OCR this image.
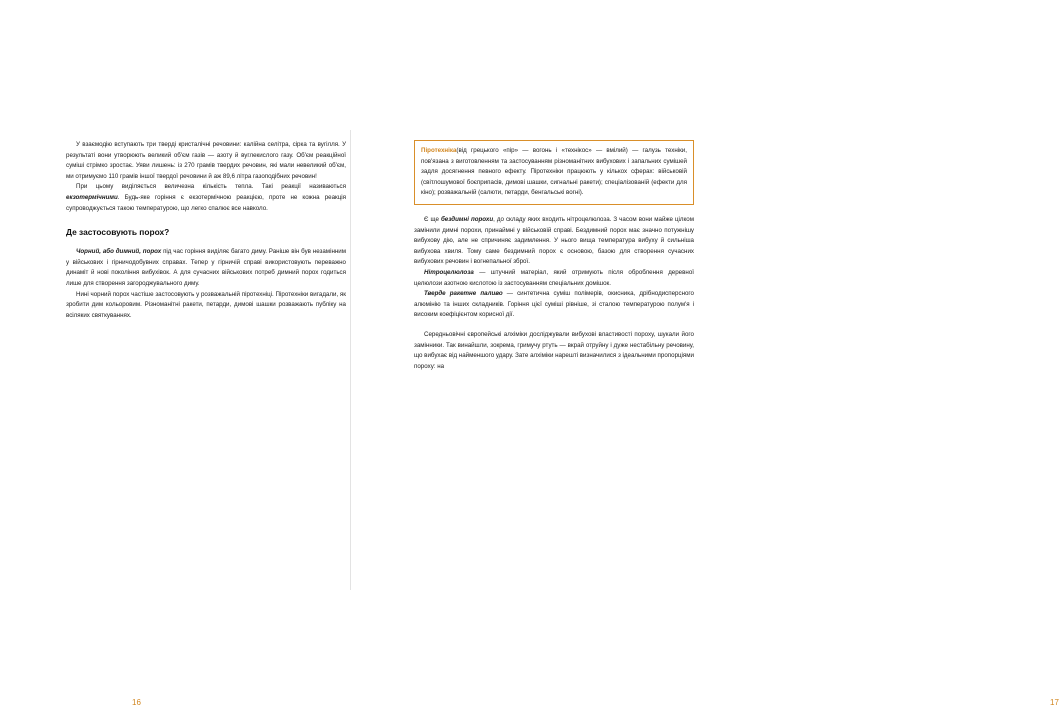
У взаємодію вступають три тверді кристалічні речовини: калійна селітра, сірка та вугілля. У результаті вони утворюють великий об'єм газів — азоту й вуглекислого газу. Об'єм реакційної суміші стрімко зростає. Уяви лишень: із 270 грамів твердих речовин, які мали невеликий об'єм, ми отримуємо 110 грамів іншої твердої речовини й аж 89,6 літра газоподібних речовин!

При цьому виділяється величезна кількість тепла. Такі реакції називаються екзотермічними. Будь-яке горіння є екзотермічною реакцією, проте не кожна реакція супроводжується такою температурою, що легко спалює все навколо.

Де застосовують порох?

Чорний, або димний, порох під час горіння виділяє багато диму. Раніше він був незамінним у військових і гірничодобувних справах. Тепер у гірничій справі використовують переважно динаміт й нові покоління вибухівок. А для сучасних військових потреб димний порох годиться лише для створення загороджувального диму.

Нині чорний порох частіше застосовують у розважальній піротехніці. Піротехніки вигадали, як зробити дим кольоровим. Різноманітні ракети, петарди, димові шашки розважають публіку на всіляких святкуваннях.

16

Піротехніка(від грецького «пір» — вогонь і «технікос» — вмілий) — галузь техніки, пов'язана з виготовленням та застосуванням різноманітних вибухових і запальних сумішей задля досягнення певного ефекту. Піротехніки працюють у кількох сферах: військовій (світлошумової боєприпасів, димові шашки, сигнальні ракети); спеціалізованій (ефекти для кіно); розважальній (салюти, петарди, бенгальські вогні).

Є ще бездимні порохи, до складу яких входить нітроцелюлоза. З часом вони майже цілком замінили димні порохи, принаймні у військовій справі. Бездимний порох має значно потужнішу вибухову дію, але не спричиняє задимлення. У нього вища температура вибуху й сильніша вибухова хвиля. Тому саме бездимний порох є основою, базою для створення сучасних вибухових речовин і вогнепальної зброї.

Нітроцелюлоза — штучний матеріал, який отримують після оброблення деревної целюлози азотною кислотою із застосуванням спеціальних домішок.

Тверде ракетне паливо — синтетична суміш полімерів, окисника, дрібнодисперсного алюмінію та інших складників. Горіння цієї суміші рівніше, зі сталою температурою полум'я і високим коефіцієнтом корисної дії.

Середньовічні європейські алхіміки досліджували вибухові властивості пороху, шукали його замінники. Так винайшли, зокрема, гримучу ртуть — вкрай отруйну і дуже нестабільну речовину, що вибухає від найменшого удару. Зате алхіміки нарешті визначилися з ідеальними пропорціями пороху: на

17
